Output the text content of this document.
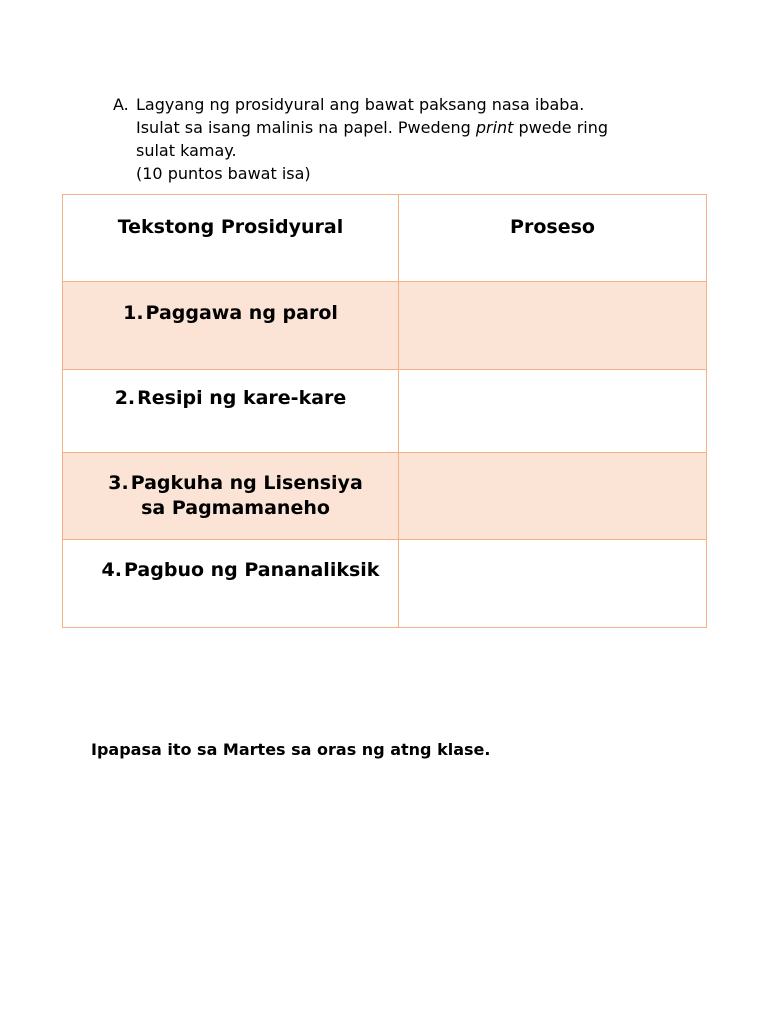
A. Lagyang ng prosidyural ang bawat paksang nasa ibaba.
Isulat sa isang malinis na papel. Pwedeng print pwede ring
sulat kamay.
(10 puntos bawat isa)
Tekstong Prosidyural	Proseso

1. Paggawa ng parol	

2. Resipi ng kare-kare	

3. Pagkuha ng Lisensiya
sa Pagmamaneho	

4. Pagbuo ng Pananaliksik	

Ipapasa ito sa Martes sa oras ng atng klase.
